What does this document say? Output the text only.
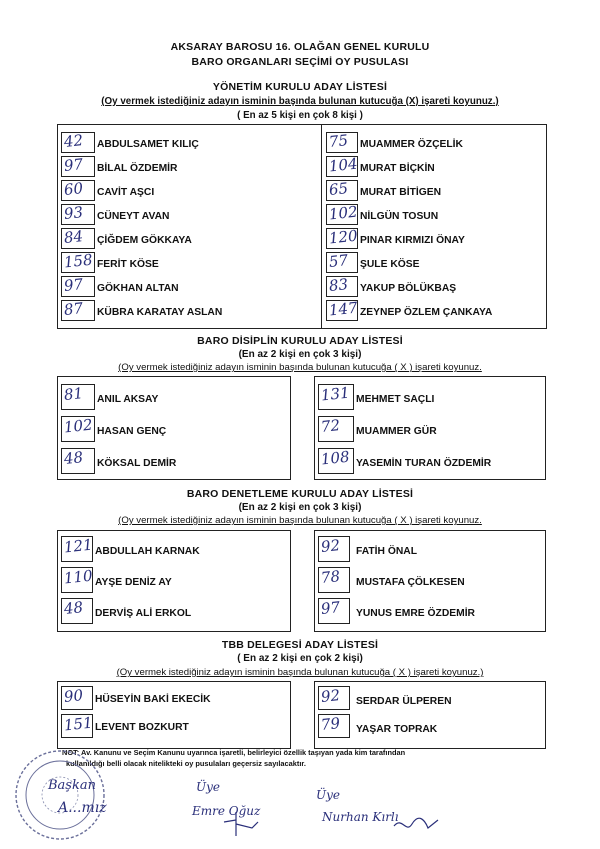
AKSARAY BAROSU 16. OLAĞAN GENEL KURULU
BARO ORGANLARI SEÇİMİ OY PUSULASI
YÖNETİM KURULU ADAY LİSTESİ
(Oy vermek istediğiniz adayın isminin başında bulunan kutucuğa (X) işareti koyunuz.)
( En az 5 kişi en çok 8 kişi )
42 ABDULSAMET KILIÇ
97 BİLAL ÖZDEMİR
60 CAVİT AŞCI
93 CÜNEYT AVAN
84 ÇİĞDEM GÖKKAYA
158 FERİT KÖSE
97 GÖKHAN ALTAN
87 KÜBRA KARATAY ASLAN
75 MUAMMER ÖZÇELİK
104 MURAT BİÇKİN
65 MURAT BİTİGEN
102 NİLGÜN TOSUN
120 PINAR KIRMIZI ÖNAY
57 ŞULE KÖSE
83 YAKUP BÖLÜKBAŞ
147 ZEYNEP ÖZLEM ÇANKAYA
BARO DİSİPLİN KURULU ADAY LİSTESİ
(En az 2 kişi en çok 3 kişi)
(Oy vermek istediğiniz adayın isminin başında bulunan kutucuğa ( X ) işareti koyunuz.
81 ANIL AKSAY
102 HASAN GENÇ
48 KÖKSAL DEMİR
131 MEHMET SAÇLI
72 MUAMMER GÜR
108 YASEMİN TURAN ÖZDEMİR
BARO DENETLEME KURULU ADAY LİSTESİ
(En az 2 kişi en çok 3 kişi)
(Oy vermek istediğiniz adayın isminin başında bulunan kutucuğa ( X ) işareti koyunuz.
121 ABDULLAH KARNAK
110 AYŞE DENİZ AY
48 DERVİŞ ALİ ERKOL
92 FATİH ÖNAL
78 MUSTAFA ÇÖLKESEN
97 YUNUS EMRE ÖZDEMİR
TBB DELEGESİ ADAY LİSTESİ
( En az 2 kişi en çok 2 kişi)
(Oy vermek istediğiniz adayın isminin başında bulunan kutucuğa ( X ) işareti koyunuz.)
90 HÜSEYİN BAKİ EKECİK
151 LEVENT BOZKURT
92 SERDAR ÜLPEREN
79 YAŞAR TOPRAK
NOT: Av. Kanunu ve Seçim Kanunu uyarınca işaretli, belirleyici özellik taşıyan yada kim tarafından
kullanıldığı belli olacak nitelikteki oy pusulaları geçersiz sayılacaktır.
Başkan
A...mız
Üye
Emre Oğuz
Üye
Nurhan Kırlı
